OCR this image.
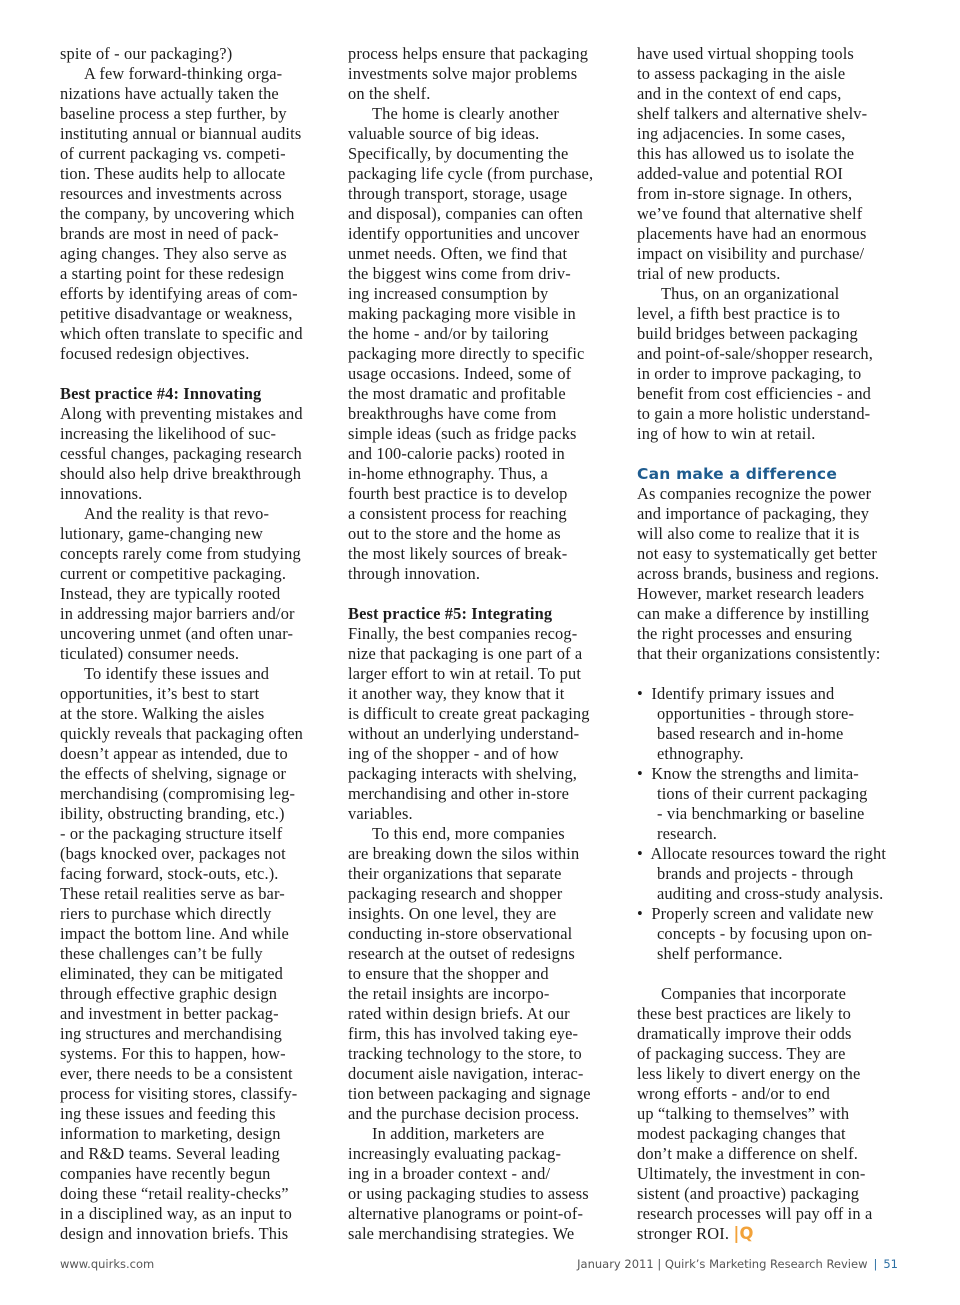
spite of - our packaging?)
A few forward-thinking orga-
nizations have actually taken the
baseline process a step further, by
instituting annual or biannual audits
of current packaging vs. competi-
tion. These audits help to allocate
resources and investments across
the company, by uncovering which
brands are most in need of pack-
aging changes. They also serve as
a starting point for these redesign
efforts by identifying areas of com-
petitive disadvantage or weakness,
which often translate to specific and
focused redesign objectives.
Best practice #4: Innovating
Along with preventing mistakes and
increasing the likelihood of suc-
cessful changes, packaging research
should also help drive breakthrough
innovations.
And the reality is that revo-
lutionary, game-changing new
concepts rarely come from studying
current or competitive packaging.
Instead, they are typically rooted
in addressing major barriers and/or
uncovering unmet (and often unar-
ticulated) consumer needs.
To identify these issues and
opportunities, it’s best to start
at the store. Walking the aisles
quickly reveals that packaging often
doesn’t appear as intended, due to
the effects of shelving, signage or
merchandising (compromising leg-
ibility, obstructing branding, etc.)
- or the packaging structure itself
(bags knocked over, packages not
facing forward, stock-outs, etc.).
These retail realities serve as bar-
riers to purchase which directly
impact the bottom line. And while
these challenges can’t be fully
eliminated, they can be mitigated
through effective graphic design
and investment in better packag-
ing structures and merchandising
systems. For this to happen, how-
ever, there needs to be a consistent
process for visiting stores, classify-
ing these issues and feeding this
information to marketing, design
and R&D teams. Several leading
companies have recently begun
doing these “retail reality-checks”
in a disciplined way, as an input to
design and innovation briefs. This
process helps ensure that packaging
investments solve major problems
on the shelf.
The home is clearly another
valuable source of big ideas.
Specifically, by documenting the
packaging life cycle (from purchase,
through transport, storage, usage
and disposal), companies can often
identify opportunities and uncover
unmet needs. Often, we find that
the biggest wins come from driv-
ing increased consumption by
making packaging more visible in
the home - and/or by tailoring
packaging more directly to specific
usage occasions. Indeed, some of
the most dramatic and profitable
breakthroughs have come from
simple ideas (such as fridge packs
and 100-calorie packs) rooted in
in-home ethnography. Thus, a
fourth best practice is to develop
a consistent process for reaching
out to the store and the home as
the most likely sources of break-
through innovation.
Best practice #5: Integrating
Finally, the best companies recog-
nize that packaging is one part of a
larger effort to win at retail. To put
it another way, they know that it
is difficult to create great packaging
without an underlying understand-
ing of the shopper - and of how
packaging interacts with shelving,
merchandising and other in-store
variables.
To this end, more companies
are breaking down the silos within
their organizations that separate
packaging research and shopper
insights. On one level, they are
conducting in-store observational
research at the outset of redesigns
to ensure that the shopper and
the retail insights are incorpo-
rated within design briefs. At our
firm, this has involved taking eye-
tracking technology to the store, to
document aisle navigation, interac-
tion between packaging and signage
and the purchase decision process.
In addition, marketers are
increasingly evaluating packag-
ing in a broader context - and/
or using packaging studies to assess
alternative planograms or point-of-
sale merchandising strategies. We
have used virtual shopping tools
to assess packaging in the aisle
and in the context of end caps,
shelf talkers and alternative shelv-
ing adjacencies. In some cases,
this has allowed us to isolate the
added-value and potential ROI
from in-store signage. In others,
we’ve found that alternative shelf
placements have had an enormous
impact on visibility and purchase/
trial of new products.
Thus, on an organizational
level, a fifth best practice is to
build bridges between packaging
and point-of-sale/shopper research,
in order to improve packaging, to
benefit from cost efficiencies - and
to gain a more holistic understand-
ing of how to win at retail.
Can make a difference
As companies recognize the power
and importance of packaging, they
will also come to realize that it is
not easy to systematically get better
across brands, business and regions.
However, market research leaders
can make a difference by instilling
the right processes and ensuring
that their organizations consistently:
•  Identify primary issues and
opportunities - through store-
based research and in-home
ethnography.
•  Know the strengths and limita-
tions of their current packaging
- via benchmarking or baseline
research.
•  Allocate resources toward the right
brands and projects - through
auditing and cross-study analysis.
•  Properly screen and validate new
concepts - by focusing upon on-
shelf performance.
Companies that incorporate
these best practices are likely to
dramatically improve their odds
of packaging success. They are
less likely to divert energy on the
wrong efforts - and/or to end
up “talking to themselves” with
modest packaging changes that
don’t make a difference on shelf.
Ultimately, the investment in con-
sistent (and proactive) packaging
research processes will pay off in a
stronger ROI. |Q
www.quirks.com	January 2011 | Quirk’s Marketing Research Review | 51
